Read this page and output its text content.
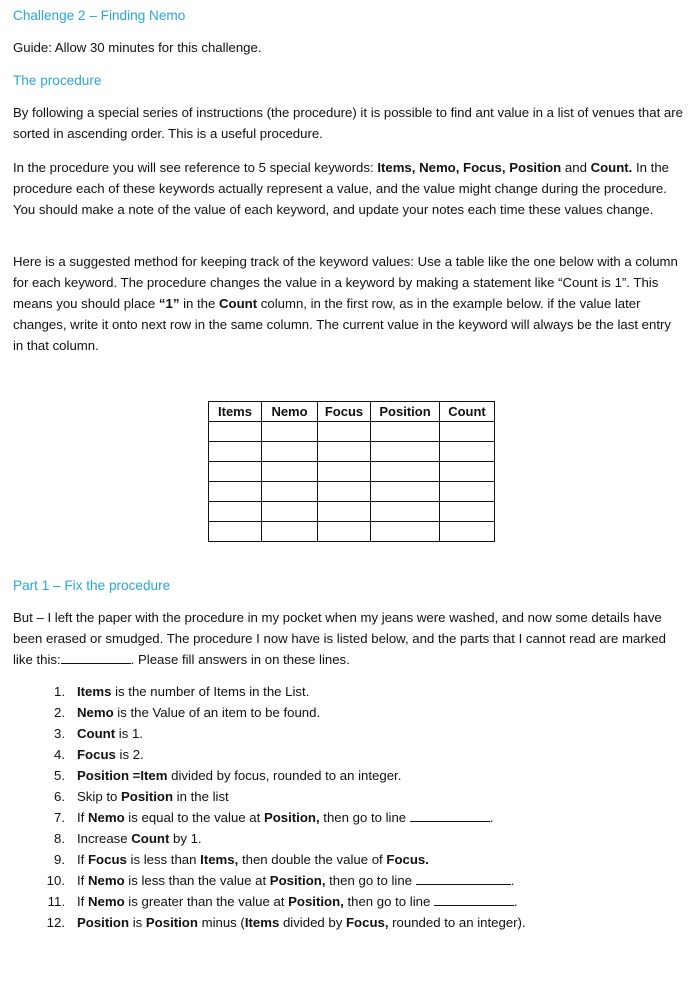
Challenge 2 – Finding Nemo
Guide: Allow 30 minutes for this challenge.
The procedure

By following a special series of instructions (the procedure) it is possible to find ant value in a list of venues that are sorted in ascending order. This is a useful procedure.

In the procedure you will see reference to 5 special keywords: Items, Nemo, Focus, Position and Count. In the procedure each of these keywords actually represent a value, and the value might change during the procedure. You should make a note of the value of each keyword, and update your notes each time these values change.

Here is a suggested method for keeping track of the keyword values: Use a table like the one below with a column for each keyword. The procedure changes the value in a keyword by making a statement like “Count is 1”. This means you should place “1” in the Count column, in the first row, as in the example below. if the value later changes, write it onto next row in the same column. The current value in the keyword will always be the last entry in that column.

Items	Nemo	Focus	Position	Count

Part 1 – Fix the procedure

But – I left the paper with the procedure in my pocket when my jeans were washed, and now some details have been erased or smudged. The procedure I now have is listed below, and the parts that I cannot read are marked like this:	. Please fill answers in on these lines.

1. Items is the number of Items in the List.
2. Nemo is the Value of an item to be found.
3. Count is 1.
4. Focus is 2.
5. Position =Item divided by focus, rounded to an integer.
6. Skip to Position in the list
7. If Nemo is equal to the value at Position, then go to line	.
8. Increase Count by 1.
9. If Focus is less than Items, then double the value of Focus.
10. If Nemo is less than the value at Position, then go to line	.
11. If Nemo is greater than the value at Position, then go to line	.
12. Position is Position minus (Items divided by Focus, rounded to an integer).
